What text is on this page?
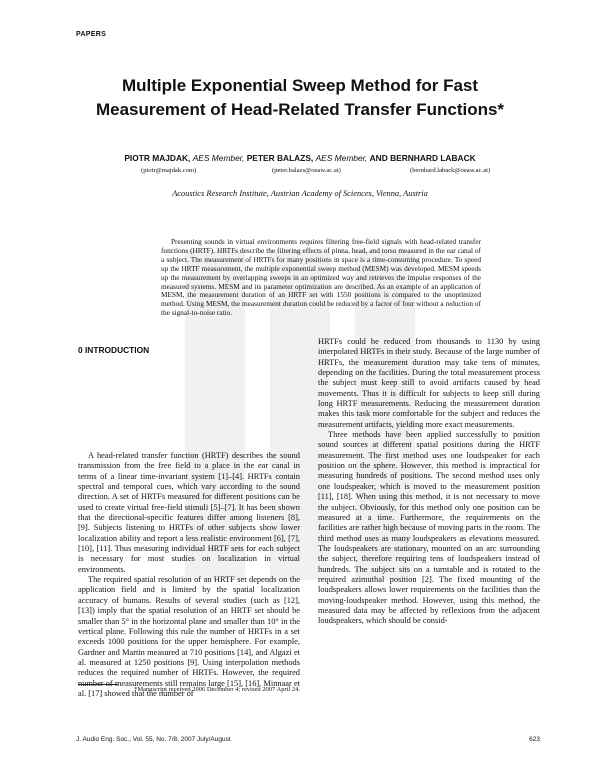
PAPERS
Multiple Exponential Sweep Method for Fast
Measurement of Head-Related Transfer Functions*
PIOTR MAJDAK, AES Member, PETER BALAZS, AES Member, AND BERNHARD LABACK
(piotr@majdak.com)	(peter.balazs@oeaw.ac.at)	(bernhard.laback@oeaw.ac.at)
Acoustics Research Institute, Austrian Academy of Sciences, Vienna, Austria
Presenting sounds in virtual environments requires filtering free-field signals with head-related transfer functions (HRTF). HRTFs describe the filtering effects of pinna, head, and torso measured in the ear canal of a subject. The measurement of HRTFs for many positions in space is a time-consuming procedure. To speed up the HRTF measurement, the multiple exponential sweep method (MESM) was developed. MESM speeds up the measurement by overlapping sweeps in an optimized way and retrieves the impulse responses of the measured systems. MESM and its parameter optimization are described. As an example of an application of MESM, the measurement duration of an HRTF set with 1550 positions is compared to the unoptimized method. Using MESM, the measurement duration could be reduced by a factor of four without a reduction of the signal-to-noise ratio.
0 INTRODUCTION

A head-related transfer function (HRTF) describes the sound transmission from the free field to a place in the ear canal in terms of a linear time-invariant system [1]–[4]. HRTFs contain spectral and temporal cues, which vary according to the sound direction. A set of HRTFs measured for different positions can be used to create virtual free-field stimuli [5]–[7]. It has been shown that the directional-specific features differ among listeners [8], [9]. Subjects listening to HRTFs of other subjects show lower localization ability and report a less realistic environment [6], [7], [10], [11]. Thus measuring individual HRTF sets for each subject is necessary for most studies on localization in virtual environments.

The required spatial resolution of an HRTF set depends on the application field and is limited by the spatial localization accuracy of humans. Results of several studies (such as [12], [13]) imply that the spatial resolution of an HRTF set should be smaller than 5° in the horizontal plane and smaller than 10° in the vertical plane. Following this rule the number of HRTFs in a set exceeds 1000 positions for the upper hemisphere. For example, Gardner and Martin measured at 710 positions [14], and Algazi et al. measured at 1250 positions [9]. Using interpolation methods reduces the required number of HRTFs. However, the required number of measurements still remains large [15], [16]. Minnaar et al. [17] showed that the number of

HRTFs could be reduced from thousands to 1130 by using interpolated HRTFs in their study. Because of the large number of HRTFs, the measurement duration may take tens of minutes, depending on the facilities. During the total measurement process the subject must keep still to avoid artifacts caused by head movements. Thus it is difficult for subjects to keep still during long HRTF measurements. Reducing the measurement duration makes this task more comfortable for the subject and reduces the measurement artifacts, yielding more exact measurements.

Three methods have been applied successfully to position sound sources at different spatial positions during the HRTF measurement. The first method uses one loudspeaker for each position on the sphere. However, this method is impractical for measuring hundreds of positions. The second method uses only one loudspeaker, which is moved to the measurement position [11], [18]. When using this method, it is not necessary to move the subject. Obviously, for this method only one position can be measured at a time. Furthermore, the requirements on the facilities are rather high because of moving parts in the room. The third method uses as many loudspeakers as elevations measured. The loudspeakers are stationary, mounted on an arc surrounding the subject, therefore requiring tens of loudspeakers instead of hundreds. The subject sits on a turntable and is rotated to the required azimuthal position [2]. The fixed mounting of the loudspeakers allows lower requirements on the facilities than the moving-loudspeaker method. However, using this method, the measured data may be affected by reflexions from the adjacent loudspeakers, which should be consid-

*Manuscript received 2006 December 4; revised 2007 April 24.
J. Audio Eng. Soc., Vol. 55, No. 7/8, 2007 July/August	623
